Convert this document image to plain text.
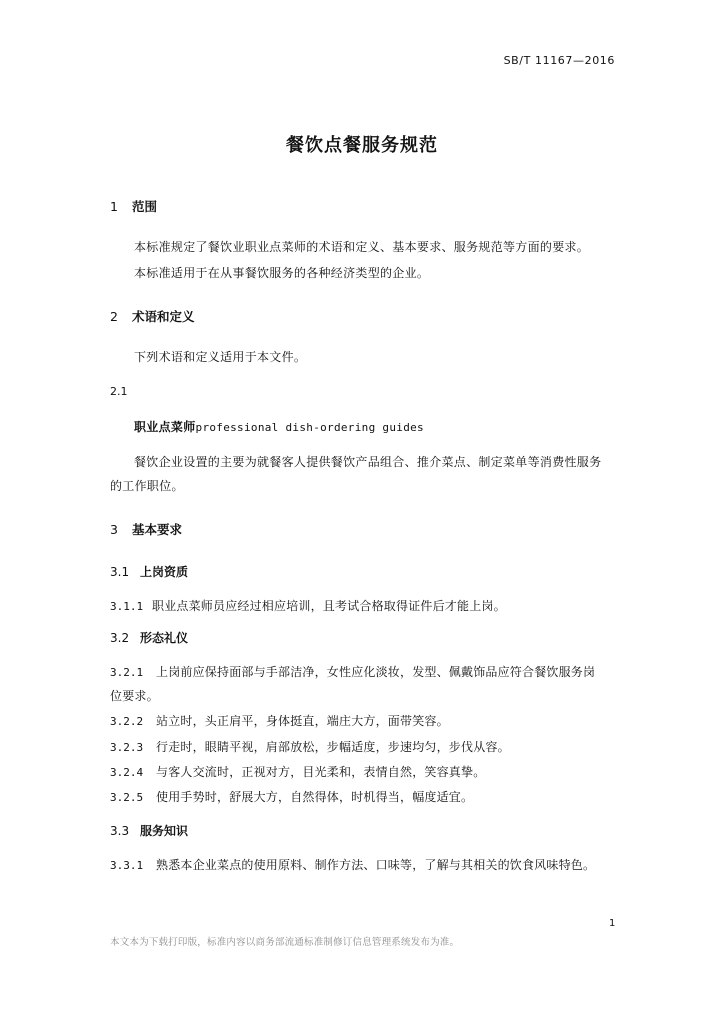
SB/T 11167—2016
餐饮点餐服务规范
1 范围
本标准规定了餐饮业职业点菜师的术语和定义、基本要求、服务规范等方面的要求。
本标准适用于在从事餐饮服务的各种经济类型的企业。
2 术语和定义
下列术语和定义适用于本文件。
2.1
职业点菜师professional dish-ordering guides
餐饮企业设置的主要为就餐客人提供餐饮产品组合、推介菜点、制定菜单等消费性服务
的工作职位。
3 基本要求
3.1 上岗资质
3.1.1 职业点菜师员应经过相应培训，且考试合格取得证件后才能上岗。
3.2 形态礼仪
3.2.1 上岗前应保持面部与手部洁净，女性应化淡妆，发型、佩戴饰品应符合餐饮服务岗
位要求。
3.2.2 站立时，头正肩平，身体挺直，端庄大方，面带笑容。
3.2.3 行走时，眼睛平视，肩部放松，步幅适度，步速均匀，步伐从容。
3.2.4 与客人交流时，正视对方，目光柔和，表情自然，笑容真挚。
3.2.5 使用手势时，舒展大方，自然得体，时机得当，幅度适宜。
3.3 服务知识
3.3.1 熟悉本企业菜点的使用原料、制作方法、口味等，了解与其相关的饮食风味特色。
1
本文本为下载打印版，标准内容以商务部流通标准制修订信息管理系统发布为准。
